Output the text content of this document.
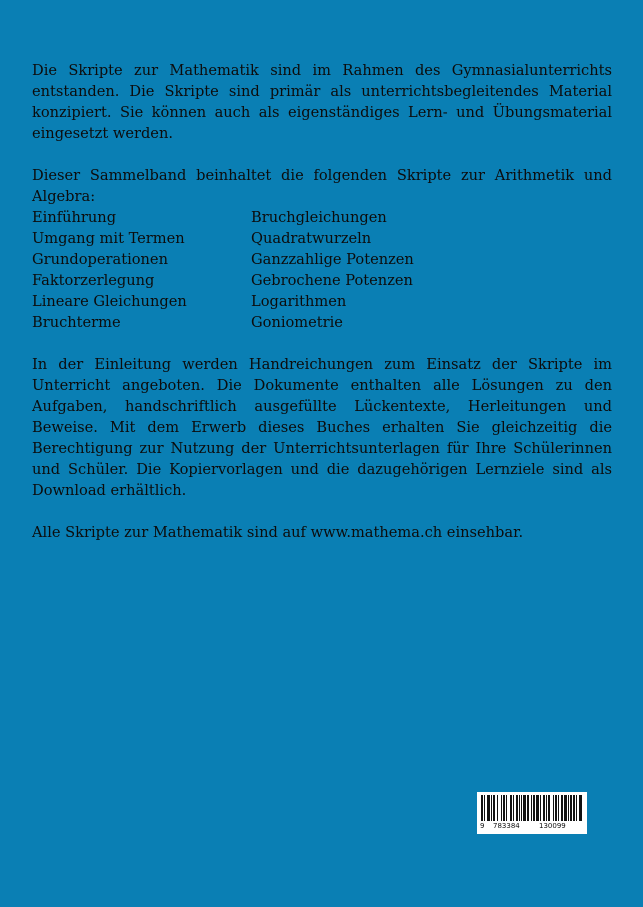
Die Skripte zur Mathematik sind im Rahmen des Gymnasialunterrichts entstanden. Die Skripte sind primär als unterrichtsbegleitendes Material konzipiert. Sie können auch als eigenständiges Lern- und Übungsmaterial eingesetzt werden.

Dieser Sammelband beinhaltet die folgenden Skripte zur Arithmetik und Algebra:

Einführung
Umgang mit Termen
Grundoperationen
Faktorzerlegung
Lineare Gleichungen
Bruchterme
Bruchgleichungen
Quadratwurzeln
Ganzzahlige Potenzen
Gebrochene Potenzen
Logarithmen
Goniometrie

In der Einleitung werden Handreichungen zum Einsatz der Skripte im Unterricht angeboten. Die Dokumente enthalten alle Lösungen zu den Aufgaben, handschriftlich ausgefüllte Lückentexte, Herleitungen und Beweise. Mit dem Erwerb dieses Buches erhalten Sie gleichzeitig die Berechtigung zur Nutzung der Unterrichtsunterlagen für Ihre Schülerinnen und Schüler. Die Kopiervorlagen und die dazugehörigen Lernziele sind als Download erhältlich.

Alle Skripte zur Mathematik sind auf www.mathema.ch einsehbar.

9 783384	130099
